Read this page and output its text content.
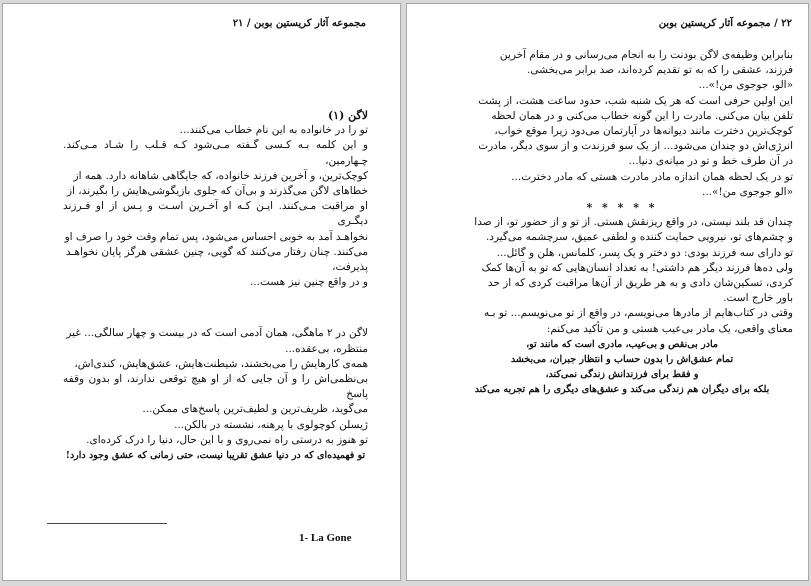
مجموعه آثار کریستین بوبن / ۲۱

لاگن (۱)

تو را در خانواده به این نام خطاب می‌کنند...

و این کلمه بـه کـسی گـفته مـی‌شود کـه قـلب را شـاد مـی‌کند. چـهارمین،

کوچک‌ترین، و آخرین فرزند خانواده، که جایگاهی شاهانه دارد. همه از

خطاهای لاگن می‌گذرند و بی‌آن که جلوی بازیگوشی‌هایش را بگیرند، از

او مراقبت مـی‌کنند. ایـن کـه او آخـرین اسـت و پـس از او فـرزند دیگـری

نخواهـد آمد به خوبی احساس می‌شود، پس تمام وقت خود را صرف او

می‌کنند. چنان رفتار می‌کنند که گویی، چنین عشقی هرگز پایان نخواهـد

پذیرفت،

و در واقع چنین نیز هست...

لاگن در ۲ ماهگی، همان آدمی است که در بیست و چهار سالگی... غیر

منتظره، بی‌عقده...

همه‌ی کارهایش را می‌بخشند، شیطنت‌هایش، عشق‌هایش، کندی‌اش،

بی‌نظمی‌اش را و آن جایی که از او هیچ توقعی ندارند، او بدون وقفه پاسخ

می‌گوید، ظریف‌ترین و لطیف‌ترین پاسخ‌های ممکن...

ژیسلن کوچولوی با پرهنه، نشسته در بالکن...

تو هنوز به درستی راه نمی‌روی و با این حال، دنیا را درک کرده‌ای.

تو فهمیده‌ای که در دنیا عشق تقریبا نیست، حتی زمانی که عشق وجود دارد!

1- La Gone
۲۲ / مجموعه آثار کریستین بوبن

بنابراین وظیفه‌ی لاگن بودنت را به انجام می‌رسانی و در مقام آخرین

فرزند، عشقی را که به تو تقدیم کرده‌اند، صد برابر می‌بخشی.

«الو، جوجوی من!»...

این اولین حرفی است که هر یک شنبه شب، حدود ساعت هشت، از پشت

تلفن بیان می‌کنی. مادرت را این گونه خطاب می‌کنی و در همان لحظه

کوچک‌ترین دخترت مانند دیوانه‌ها در آپارتمان می‌دود زیرا موقع خواب،

انرژی‌اش دو چندان می‌شود... از یک سو فرزندت و از سوی دیگر، مادرت

در آن طرف خط و تو در میانه‌ی دنیا...

تو در یک لحظه همان اندازه مادر مادرت هستی که مادر دخترت...

«الو جوجوی من!»...

* * * * *

چندان قد بلند نیستی، در واقع ریزنقش هستی. از تو و از حضور تو، از صدا

و چشم‌های تو، نیرویی حمایت کننده و لطفی عمیق، سرچشمه می‌گیرد.

تو دارای سه فرزند بودی: دو دختر و یک پسر، کلمانس، هلن و گائل...

ولی ده‌ها فرزند دیگر هم داشتی! به تعداد انسان‌هایی که تو به آن‌ها کمک

کردی، تسکین‌شان دادی و به هر طریق از آن‌ها مراقبت کردی که از حد

باور خارج است.

وقتی در کتاب‌هایم از مادرها می‌نویسم، در واقع از تو می‌نویسم... تو بـه

معنای واقعی، یک مادر بی‌عیب هستی و من تأکید می‌کنم:

مادر بی‌نقص و بی‌عیب، مادری است که مانند تو،

تمام عشق‌اش را بدون حساب و انتظار جبران، می‌بخشد

و فقط برای فرزندانش زندگی نمی‌کند،

بلکه برای دیگران هم زندگی می‌کند و عشق‌های دیگری را هم تجربه می‌کند
